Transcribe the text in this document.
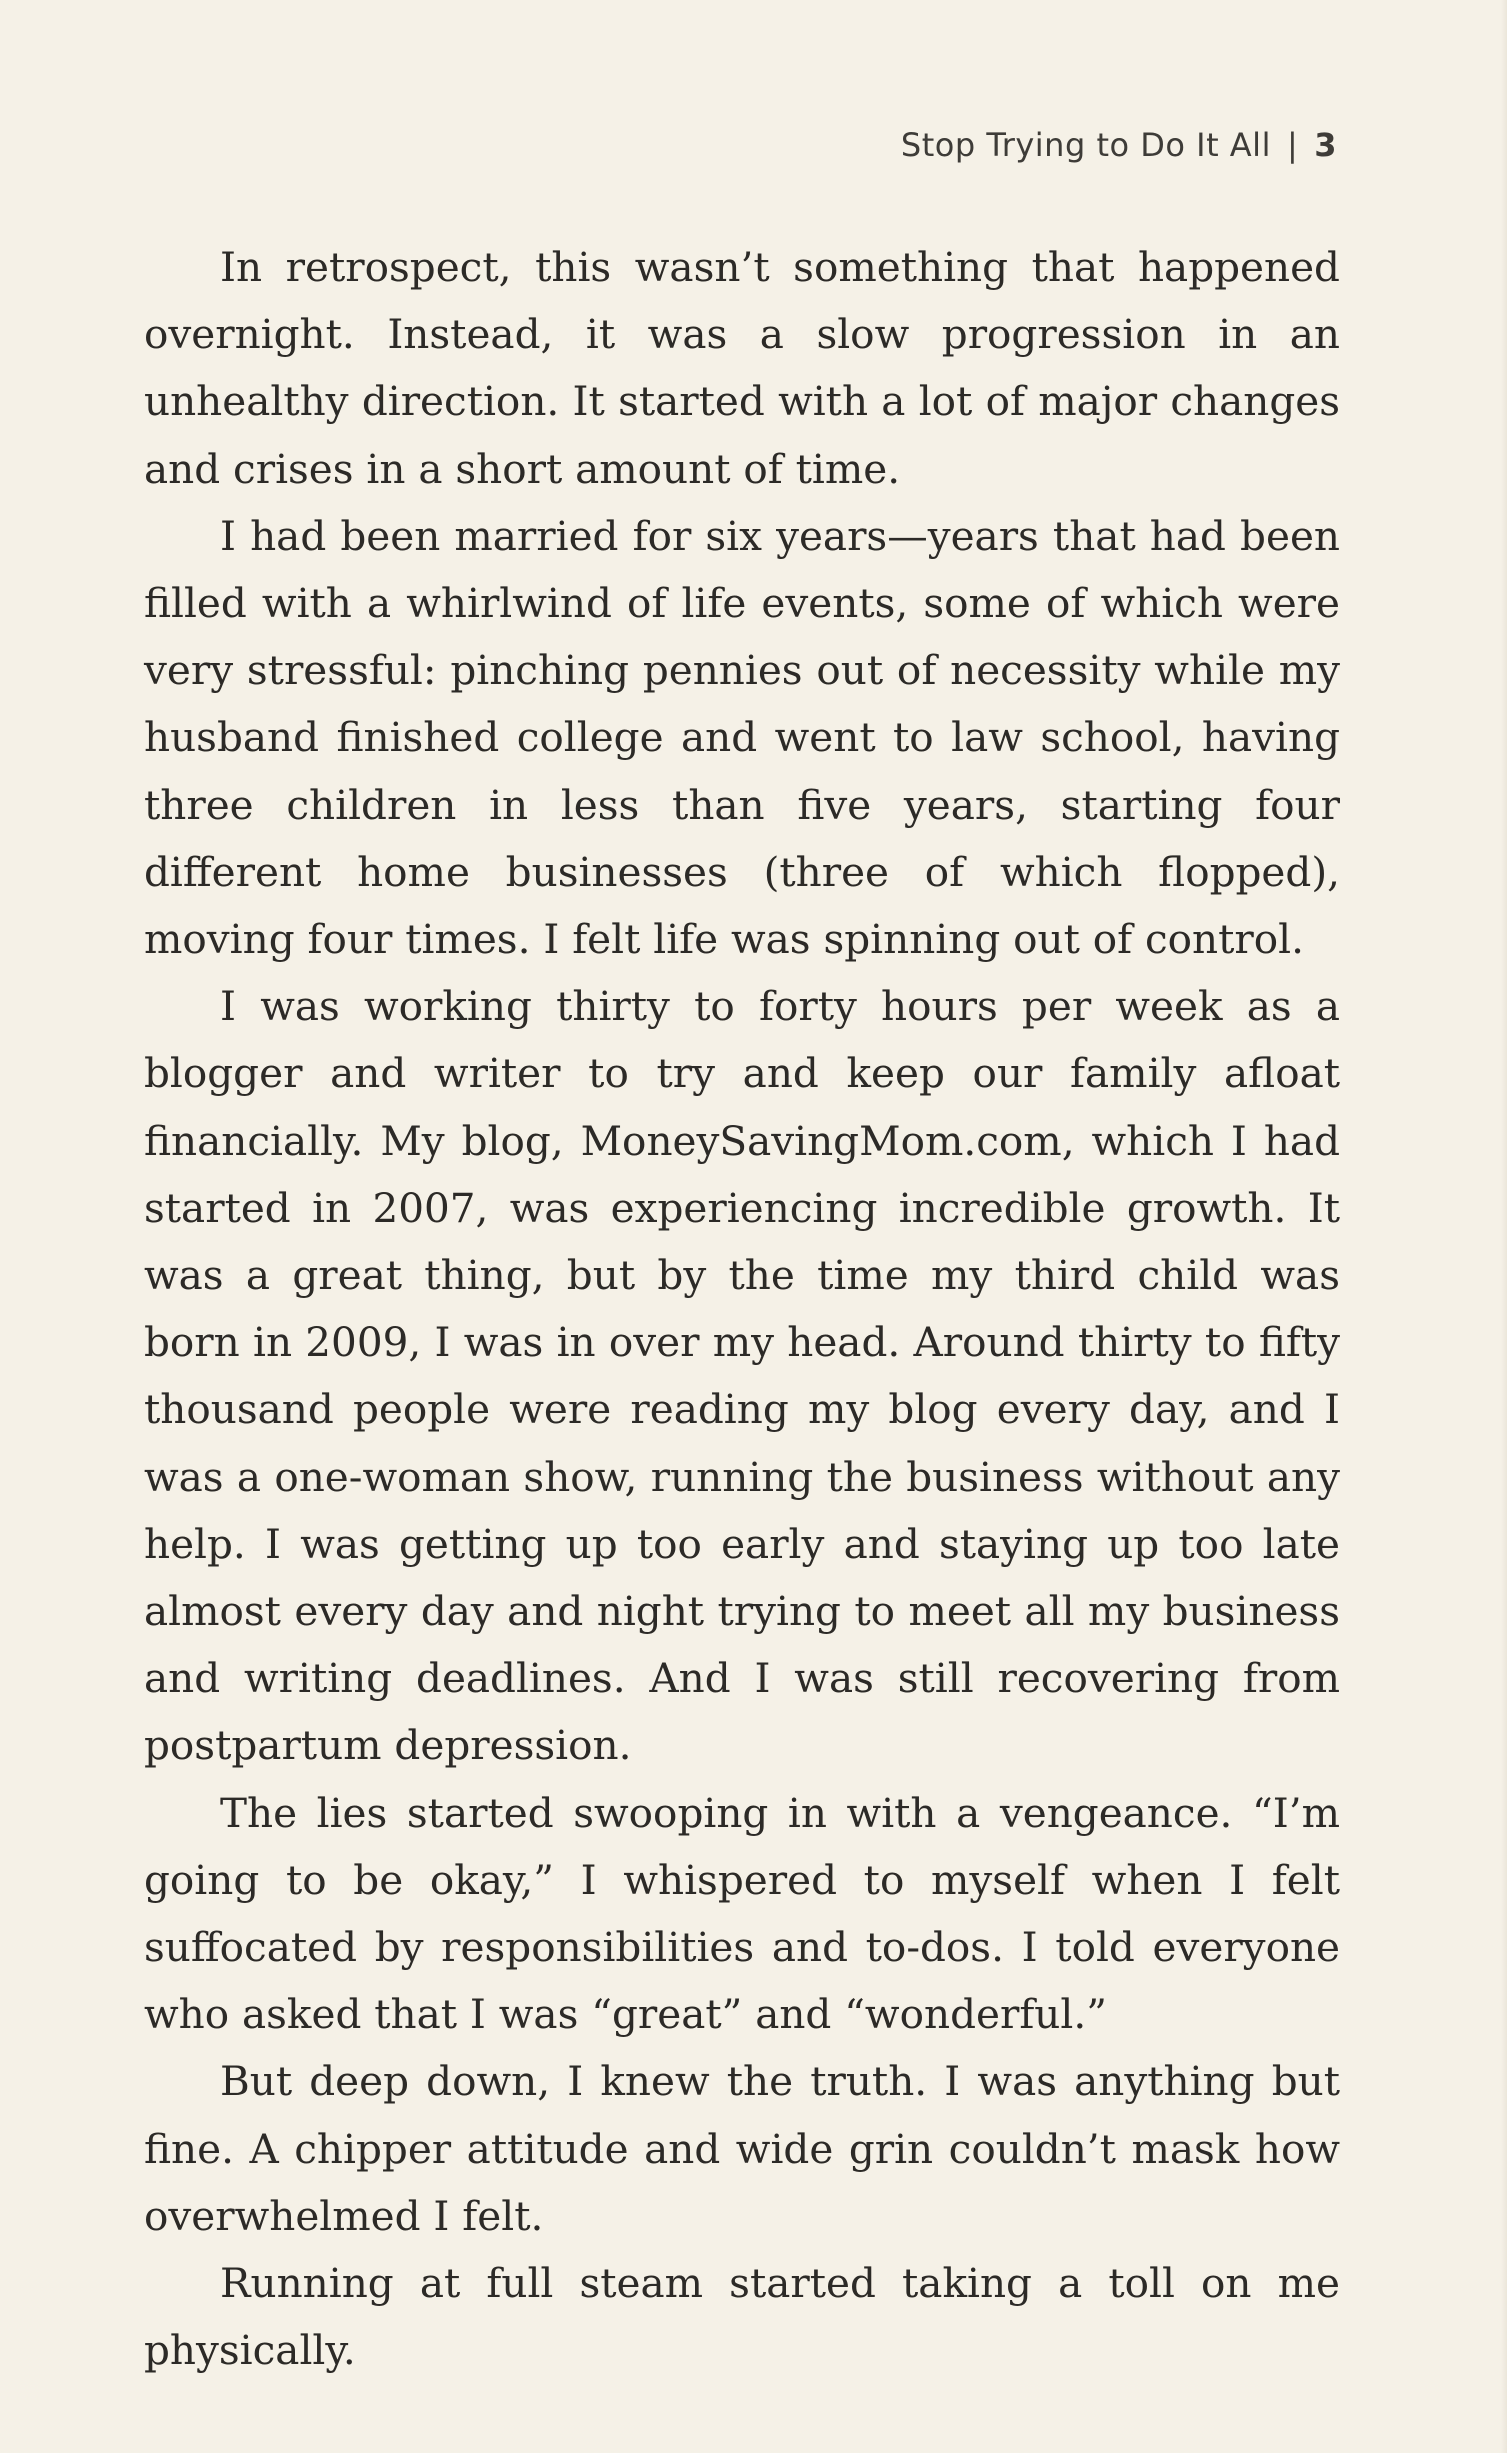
Stop Trying to Do It All | 3

In retrospect, this wasn’t something that happened overnight. Instead, it was a slow progression in an unhealthy direction. It started with a lot of major changes and crises in a short amount of time.

I had been married for six years—years that had been filled with a whirlwind of life events, some of which were very stressful: pinching pennies out of necessity while my husband finished college and went to law school, having three children in less than five years, starting four different home businesses (three of which flopped), moving four times. I felt life was spinning out of control.

I was working thirty to forty hours per week as a blogger and writer to try and keep our family afloat financially. My blog, MoneySavingMom.com, which I had started in 2007, was experiencing incredible growth. It was a great thing, but by the time my third child was born in 2009, I was in over my head. Around thirty to fifty thousand people were reading my blog every day, and I was a one-woman show, running the business without any help. I was getting up too early and staying up too late almost every day and night trying to meet all my business and writing deadlines. And I was still recovering from postpartum depression.

The lies started swooping in with a vengeance. “I’m going to be okay,” I whispered to myself when I felt suffocated by responsibilities and to-dos. I told everyone who asked that I was “great” and “wonderful.”

But deep down, I knew the truth. I was anything but fine. A chipper attitude and wide grin couldn’t mask how overwhelmed I felt.

Running at full steam started taking a toll on me physically.
